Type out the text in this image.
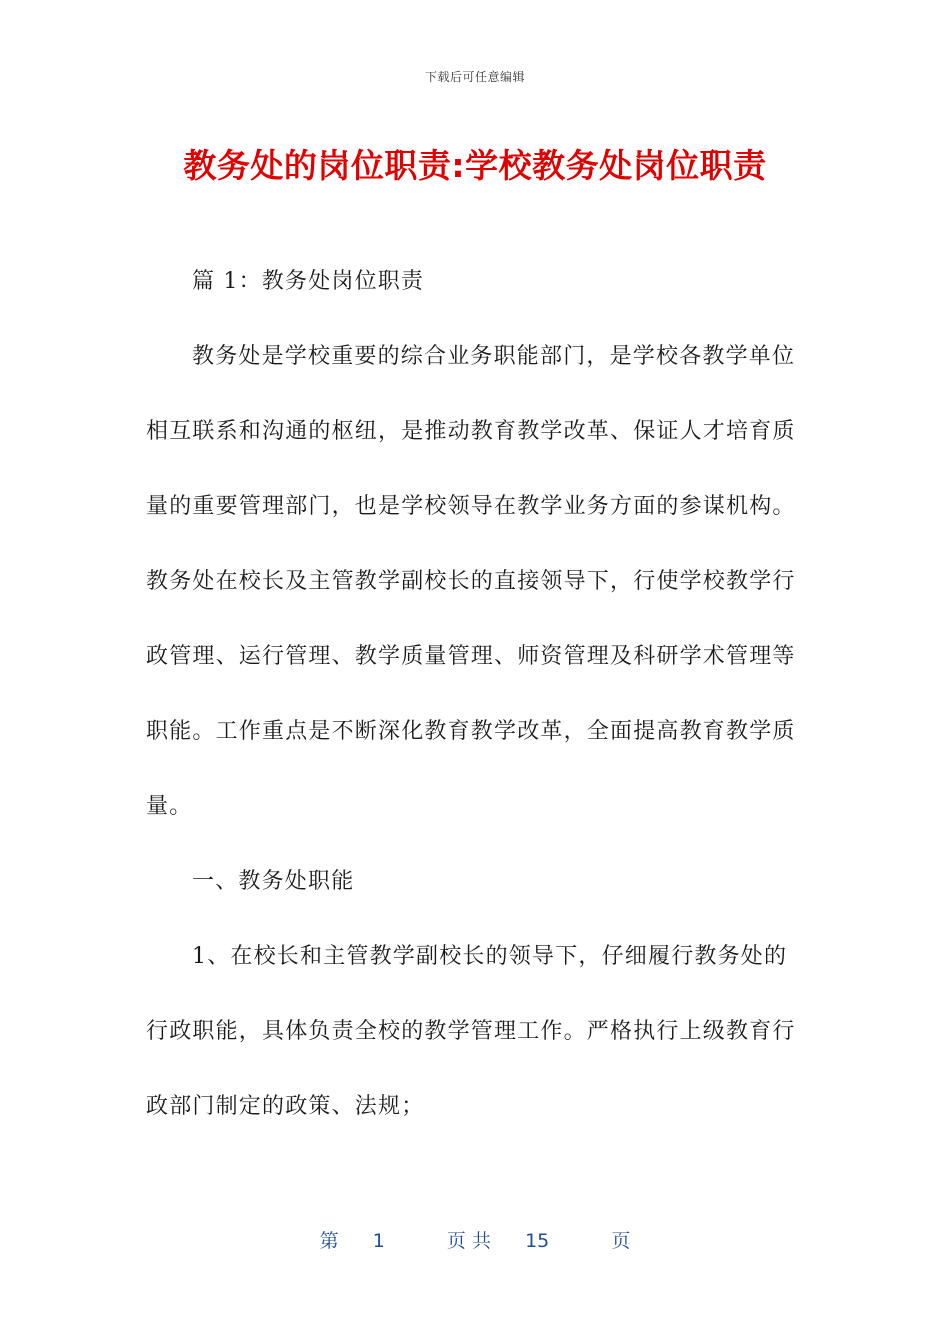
下载后可任意编辑
教务处的岗位职责:学校教务处岗位职责

篇 1：教务处岗位职责

教务处是学校重要的综合业务职能部门，是学校各教学单位相互联系和沟通的枢纽，是推动教育教学改革、保证人才培育质量的重要管理部门，也是学校领导在教学业务方面的参谋机构。教务处在校长及主管教学副校长的直接领导下，行使学校教学行政管理、运行管理、教学质量管理、师资管理及科研学术管理等职能。工作重点是不断深化教育教学改革，全面提高教育教学质量。

一、教务处职能

1、在校长和主管教学副校长的领导下，仔细履行教务处的行政职能，具体负责全校的教学管理工作。严格执行上级教育行政部门制定的政策、法规；

第 1	页 共 15	页
